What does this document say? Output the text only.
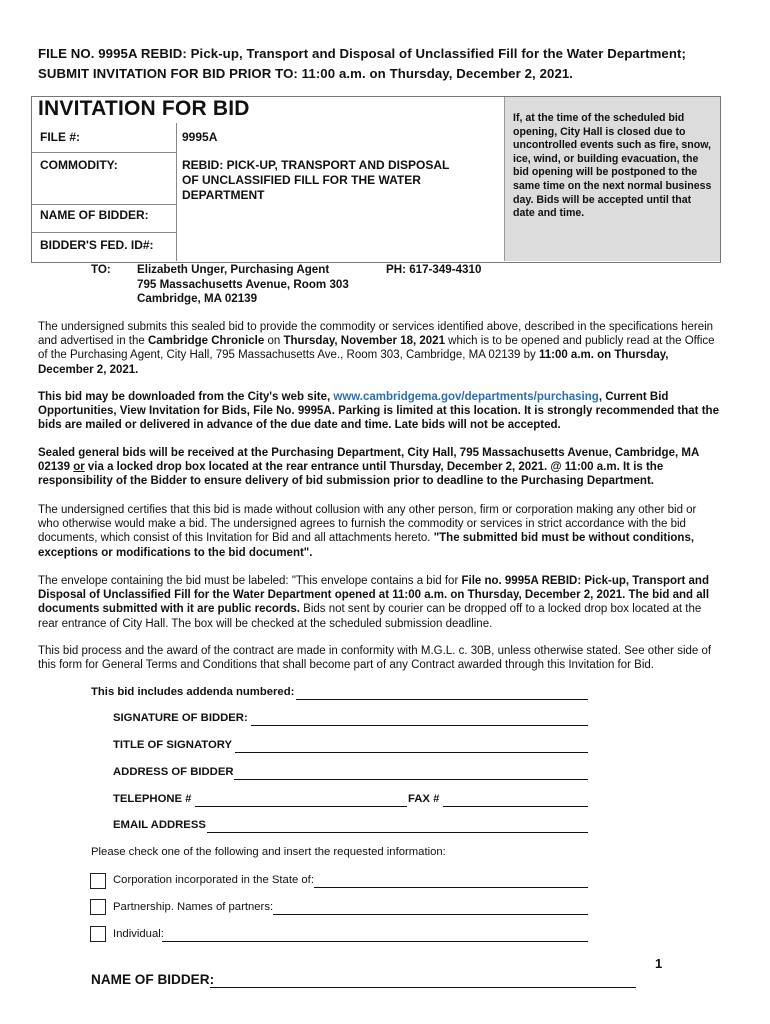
FILE NO. 9995A REBID: Pick-up, Transport and Disposal of Unclassified Fill for the Water Department;
SUBMIT INVITATION FOR BID PRIOR TO: 11:00 a.m. on Thursday, December 2, 2021.
If, at the time of the scheduled bid opening, City Hall is closed due to uncontrolled events such as fire, snow, ice, wind, or building evacuation, the bid opening will be postponed to the same time on the next normal business day. Bids will be accepted until that date and time.
INVITATION FOR BID
FILE #:	9995A
COMMODITY:	REBID: PICK-UP, TRANSPORT AND DISPOSAL
OF UNCLASSIFIED FILL FOR THE WATER
DEPARTMENT
NAME OF BIDDER:
BIDDER'S FED. ID#:
TO: Elizabeth Unger, Purchasing Agent
795 Massachusetts Avenue, Room 303
Cambridge, MA 02139
PH: 617-349-4310
The undersigned submits this sealed bid to provide the commodity or services identified above, described in the specifications herein and advertised in the Cambridge Chronicle on Thursday, November 18, 2021 which is to be opened and publicly read at the Office of the Purchasing Agent, City Hall, 795 Massachusetts Ave., Room 303, Cambridge, MA 02139 by 11:00 a.m. on Thursday, December 2, 2021.
This bid may be downloaded from the City's web site, www.cambridgema.gov/departments/purchasing, Current Bid Opportunities, View Invitation for Bids, File No. 9995A. Parking is limited at this location. It is strongly recommended that the bids are mailed or delivered in advance of the due date and time. Late bids will not be accepted.
Sealed general bids will be received at the Purchasing Department, City Hall, 795 Massachusetts Avenue, Cambridge, MA 02139 or via a locked drop box located at the rear entrance until Thursday, December 2, 2021. @ 11:00 a.m. It is the responsibility of the Bidder to ensure delivery of bid submission prior to deadline to the Purchasing Department.
The undersigned certifies that this bid is made without collusion with any other person, firm or corporation making any other bid or who otherwise would make a bid. The undersigned agrees to furnish the commodity or services in strict accordance with the bid documents, which consist of this Invitation for Bid and all attachments hereto. "The submitted bid must be without conditions, exceptions or modifications to the bid document".
The envelope containing the bid must be labeled: "This envelope contains a bid for File no. 9995A REBID: Pick-up, Transport and Disposal of Unclassified Fill for the Water Department opened at 11:00 a.m. on Thursday, December 2, 2021. The bid and all documents submitted with it are public records. Bids not sent by courier can be dropped off to a locked drop box located at the rear entrance of City Hall. The box will be checked at the scheduled submission deadline.
This bid process and the award of the contract are made in conformity with M.G.L. c. 30B, unless otherwise stated. See other side of this form for General Terms and Conditions that shall become part of any Contract awarded through this Invitation for Bid.
This bid includes addenda numbered:
SIGNATURE OF BIDDER:
TITLE OF SIGNATORY
ADDRESS OF BIDDER
TELEPHONE #	FAX #
EMAIL ADDRESS
Please check one of the following and insert the requested information:
Corporation incorporated in the State of:
Partnership. Names of partners:
Individual:
1
NAME OF BIDDER:
